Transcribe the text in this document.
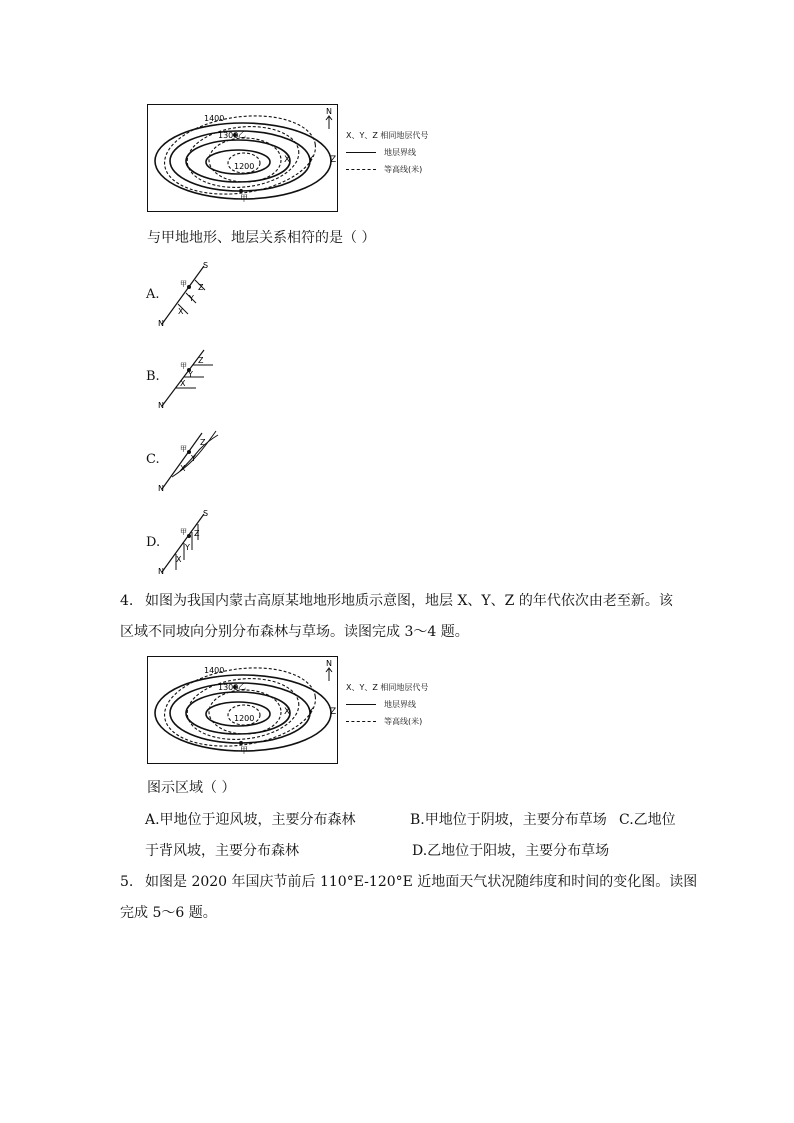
1400
1300 乙
1200
甲
X Y Z
N
X、Y、Z 相同地层代号
地层界线
等高线(米)
与甲地地形、地层关系相符的是（ ）
A.
N
S
甲
X
Y
Z
B.
N
甲
X
Y
Z
C.
N
甲
X
Y
Z
D.
N
S
甲
X
Y
Z
4. 如图为我国内蒙古高原某地地形地质示意图，地层 X、Y、Z 的年代依次由老至新。该
区域不同坡向分别分布森林与草场。读图完成 3～4 题。
1400
1300 乙
1200
甲
X Y Z
N
X、Y、Z 相同地层代号
地层界线
等高线(米)
图示区域（ ）
A.甲地位于迎风坡，主要分布森林	B.甲地位于阴坡，主要分布草场 C.乙地位
于背风坡，主要分布森林	D.乙地位于阳坡，主要分布草场
5. 如图是 2020 年国庆节前后 110°E-120°E 近地面天气状况随纬度和时间的变化图。读图
完成 5～6 题。
